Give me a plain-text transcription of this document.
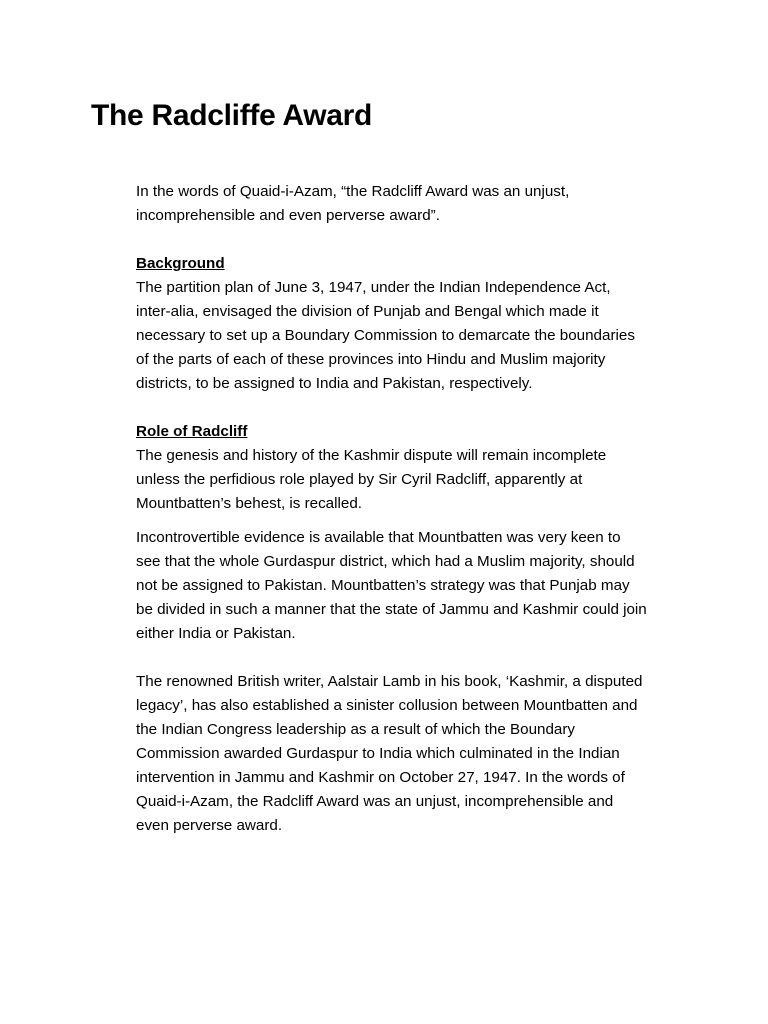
The Radcliffe Award

In the words of Quaid-i-Azam, “the Radcliff Award was an unjust,
incomprehensible and even perverse award”.

Background

The partition plan of June 3, 1947, under the Indian Independence Act,
inter-alia, envisaged the division of Punjab and Bengal which made it
necessary to set up a Boundary Commission to demarcate the boundaries
of the parts of each of these provinces into Hindu and Muslim majority
districts, to be assigned to India and Pakistan, respectively.

Role of Radcliff

The genesis and history of the Kashmir dispute will remain incomplete
unless the perfidious role played by Sir Cyril Radcliff, apparently at
Mountbatten’s behest, is recalled.

Incontrovertible evidence is available that Mountbatten was very keen to
see that the whole Gurdaspur district, which had a Muslim majority, should
not be assigned to Pakistan. Mountbatten’s strategy was that Punjab may
be divided in such a manner that the state of Jammu and Kashmir could join
either India or Pakistan.

The renowned British writer, Aalstair Lamb in his book, ‘Kashmir, a disputed
legacy’, has also established a sinister collusion between Mountbatten and
the Indian Congress leadership as a result of which the Boundary
Commission awarded Gurdaspur to India which culminated in the Indian
intervention in Jammu and Kashmir on October 27, 1947. In the words of
Quaid-i-Azam, the Radcliff Award was an unjust, incomprehensible and
even perverse award.
